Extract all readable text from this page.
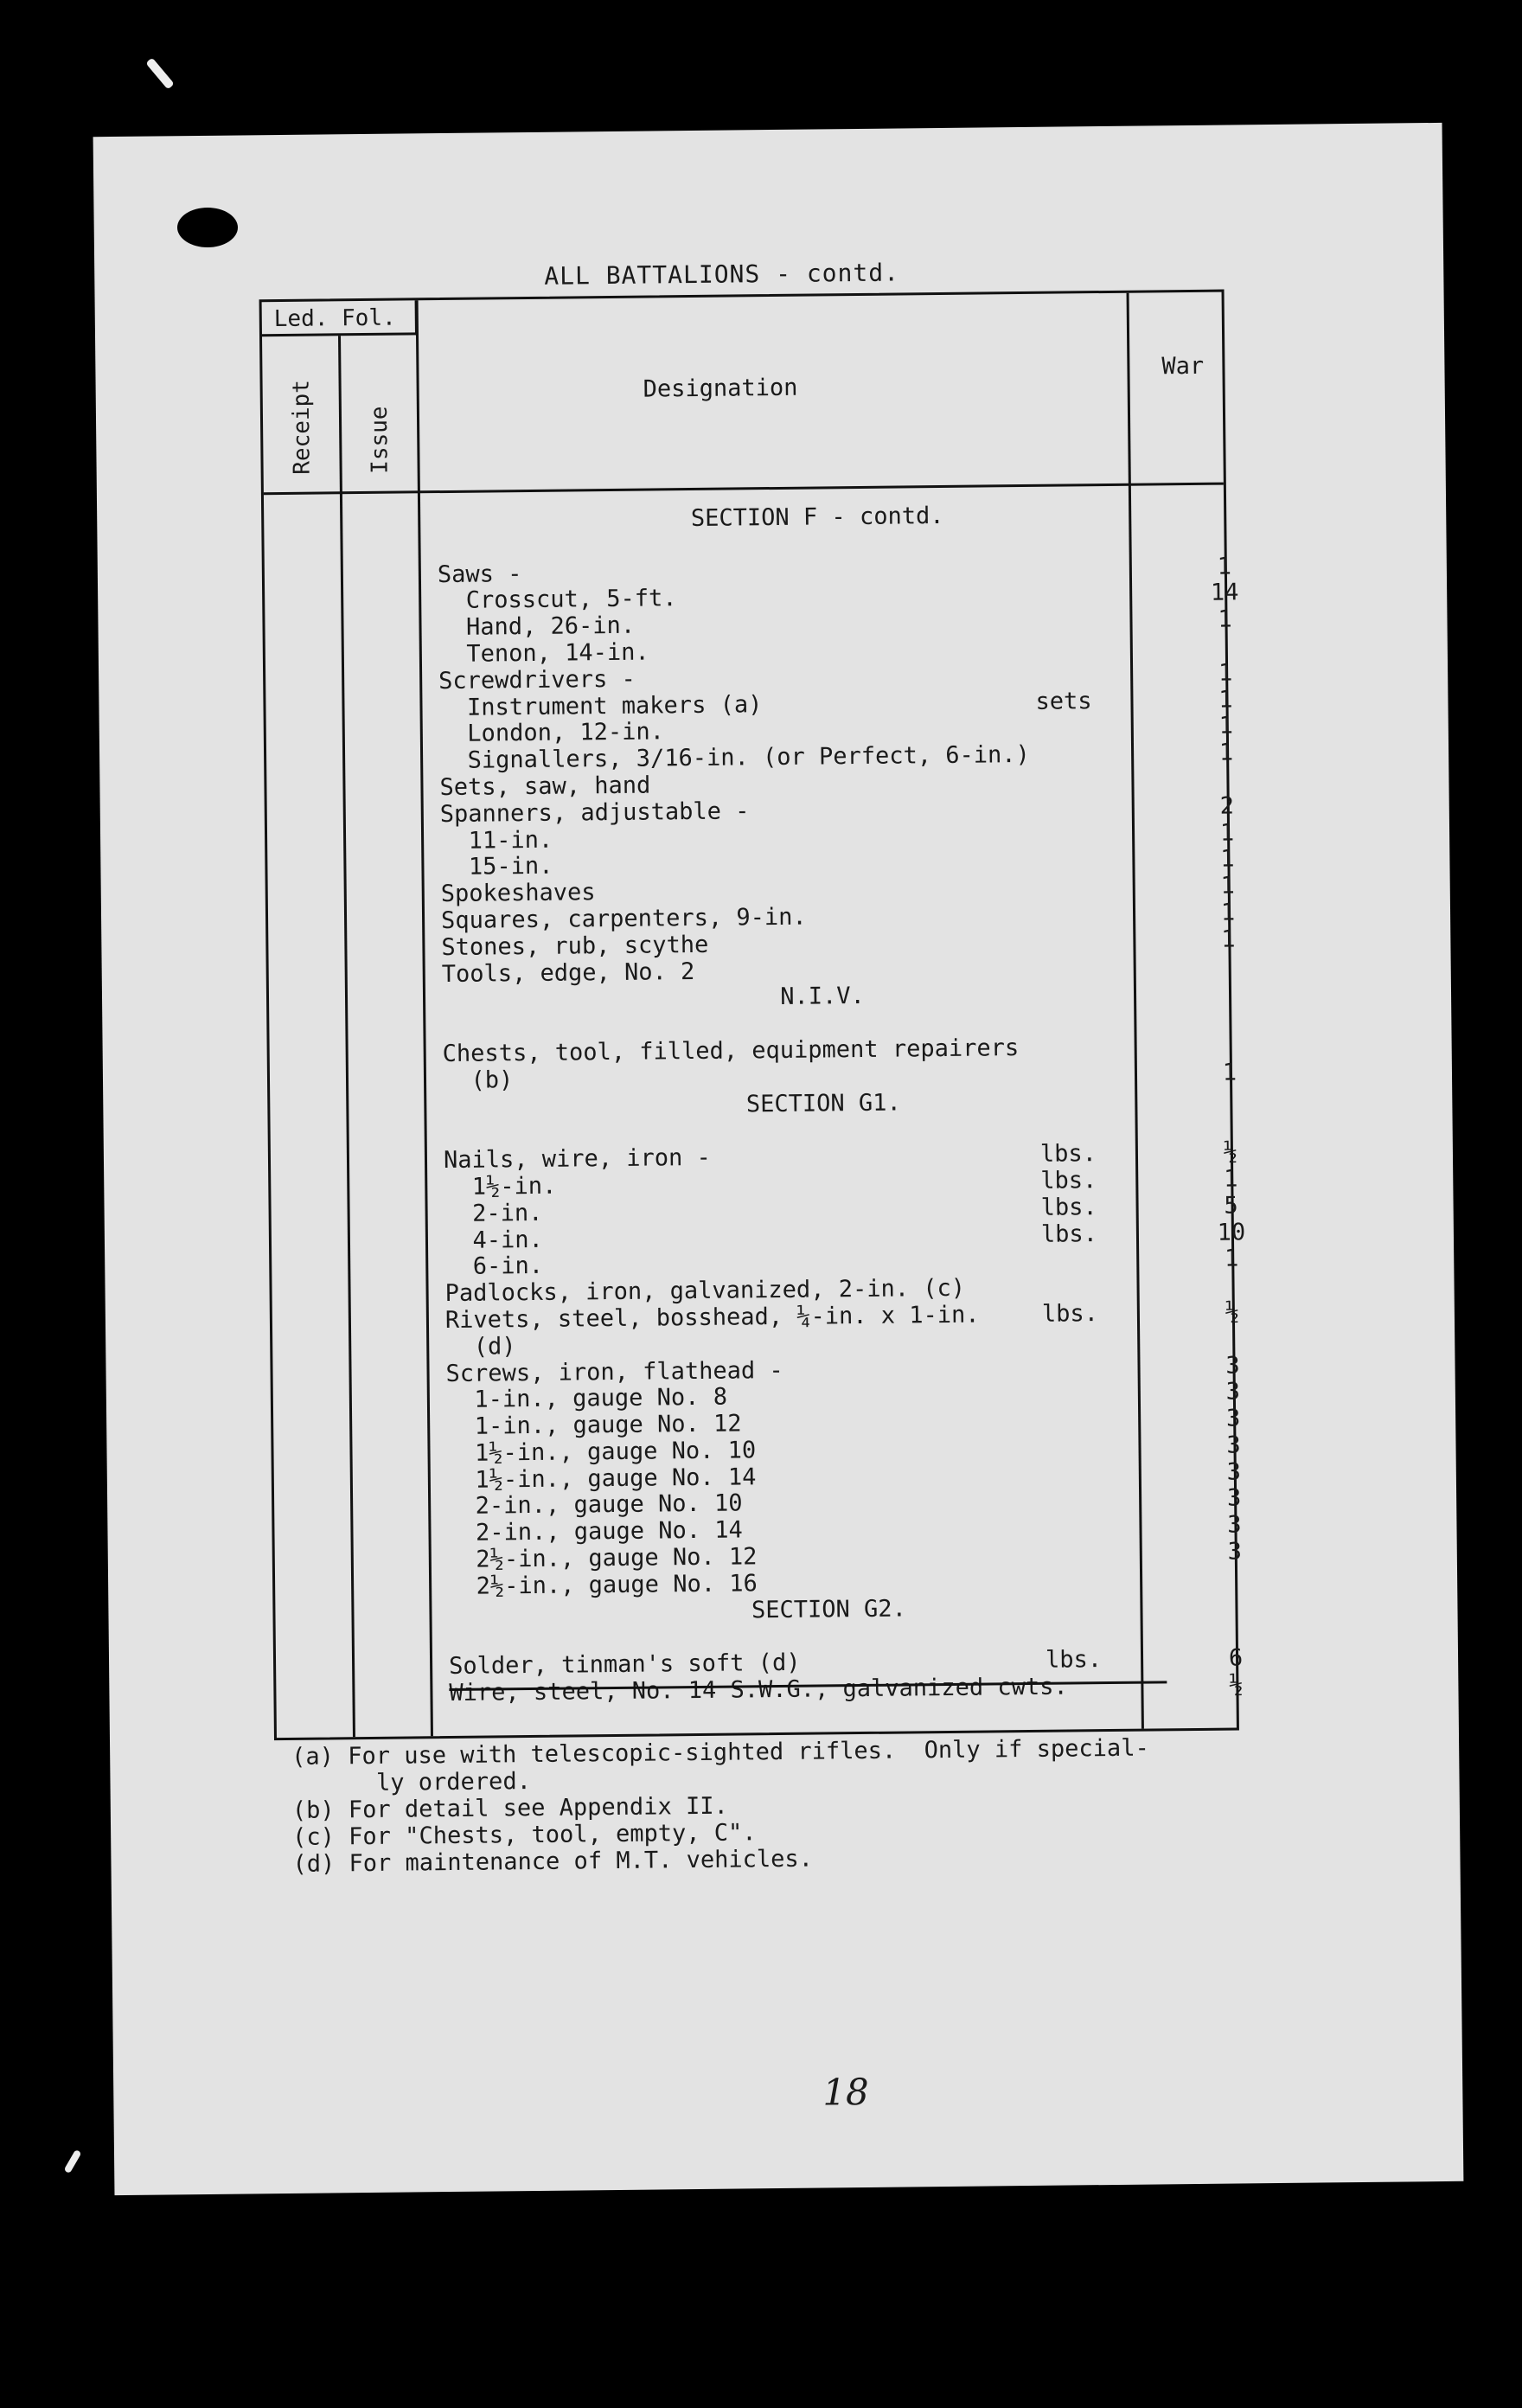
ALL BATTALIONS - contd.
Led. Fol.
Receipt Issue
Designation
War
SECTION F - contd.
Saws -	1
Crosscut, 5-ft.	14
Hand, 26-in.	1
Tenon, 14-in.
Screwdrivers -	1
Instrument makers (a)	sets	1
London, 12-in.	1
Signallers, 3/16-in. (or Perfect, 6-in.)	1
Sets, saw, hand
Spanners, adjustable -	2
11-in.	1
15-in.	1
Spokeshaves	1
Squares, carpenters, 9-in.	1
Stones, rub, scythe	1
Tools, edge, No. 2
N.I.V.
Chests, tool, filled, equipment repairers
(b)	1
SECTION G1.
Nails, wire, iron -	lbs.	½
1½-in.	lbs.	1
2-in.	lbs.	5
4-in.	lbs.	10
6-in.	1
Padlocks, iron, galvanized, 2-in. (c)
Rivets, steel, bosshead, ¼-in. x 1-in.	lbs.	½
(d)
Screws, iron, flathead -	3
1-in., gauge No. 8	3
1-in., gauge No. 12	3
1½-in., gauge No. 10	3
1½-in., gauge No. 14	3
2-in., gauge No. 10	3
2-in., gauge No. 14	3
2½-in., gauge No. 12	3
2½-in., gauge No. 16
SECTION G2.
Solder, tinman's soft (d)	lbs.	6
Wire, steel, No. 14 S.W.G., galvanized cwts.	½
(a) For use with telescopic-sighted rifles.  Only if special-
ly ordered.
(b) For detail see Appendix II.
(c) For "Chests, tool, empty, C".
(d) For maintenance of M.T. vehicles.
18
